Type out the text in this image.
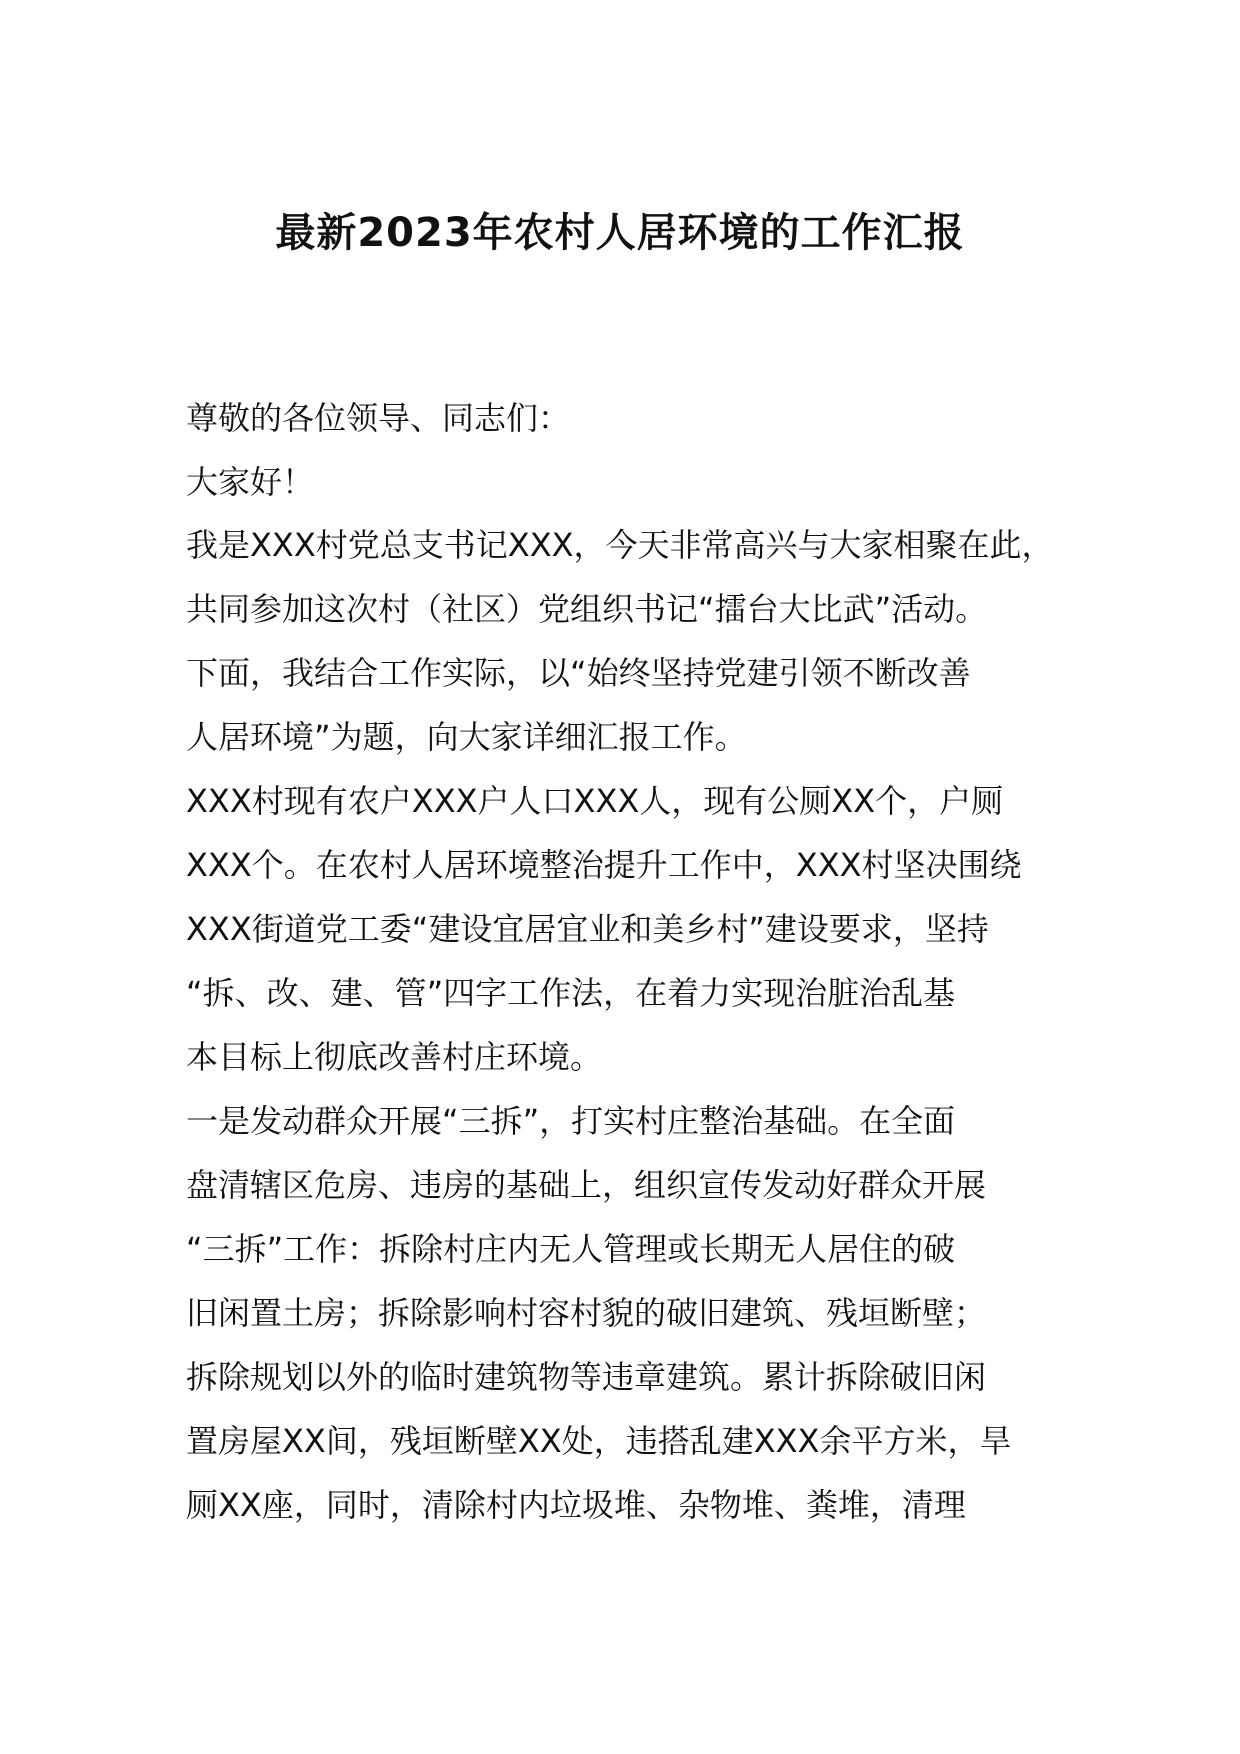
最新2023年农村人居环境的工作汇报

尊敬的各位领导、同志们：

大家好！

我是XXX村党总支书记XXX，今天非常高兴与大家相聚在此，

共同参加这次村（社区）党组织书记“擂台大比武”活动。

下面，我结合工作实际，以“始终坚持党建引领不断改善

人居环境”为题，向大家详细汇报工作。

XXX村现有农户XXX户人口XXX人，现有公厕XX个，户厕

XXX个。在农村人居环境整治提升工作中，XXX村坚决围绕

XXX街道党工委“建设宜居宜业和美乡村”建设要求，坚持

“拆、改、建、管”四字工作法，在着力实现治脏治乱基

本目标上彻底改善村庄环境。

一是发动群众开展“三拆”，打实村庄整治基础。在全面

盘清辖区危房、违房的基础上，组织宣传发动好群众开展

“三拆”工作：拆除村庄内无人管理或长期无人居住的破

旧闲置土房；拆除影响村容村貌的破旧建筑、残垣断壁；

拆除规划以外的临时建筑物等违章建筑。累计拆除破旧闲

置房屋XX间，残垣断壁XX处，违搭乱建XXX余平方米，旱

厕XX座，同时，清除村内垃圾堆、杂物堆、粪堆，清理
